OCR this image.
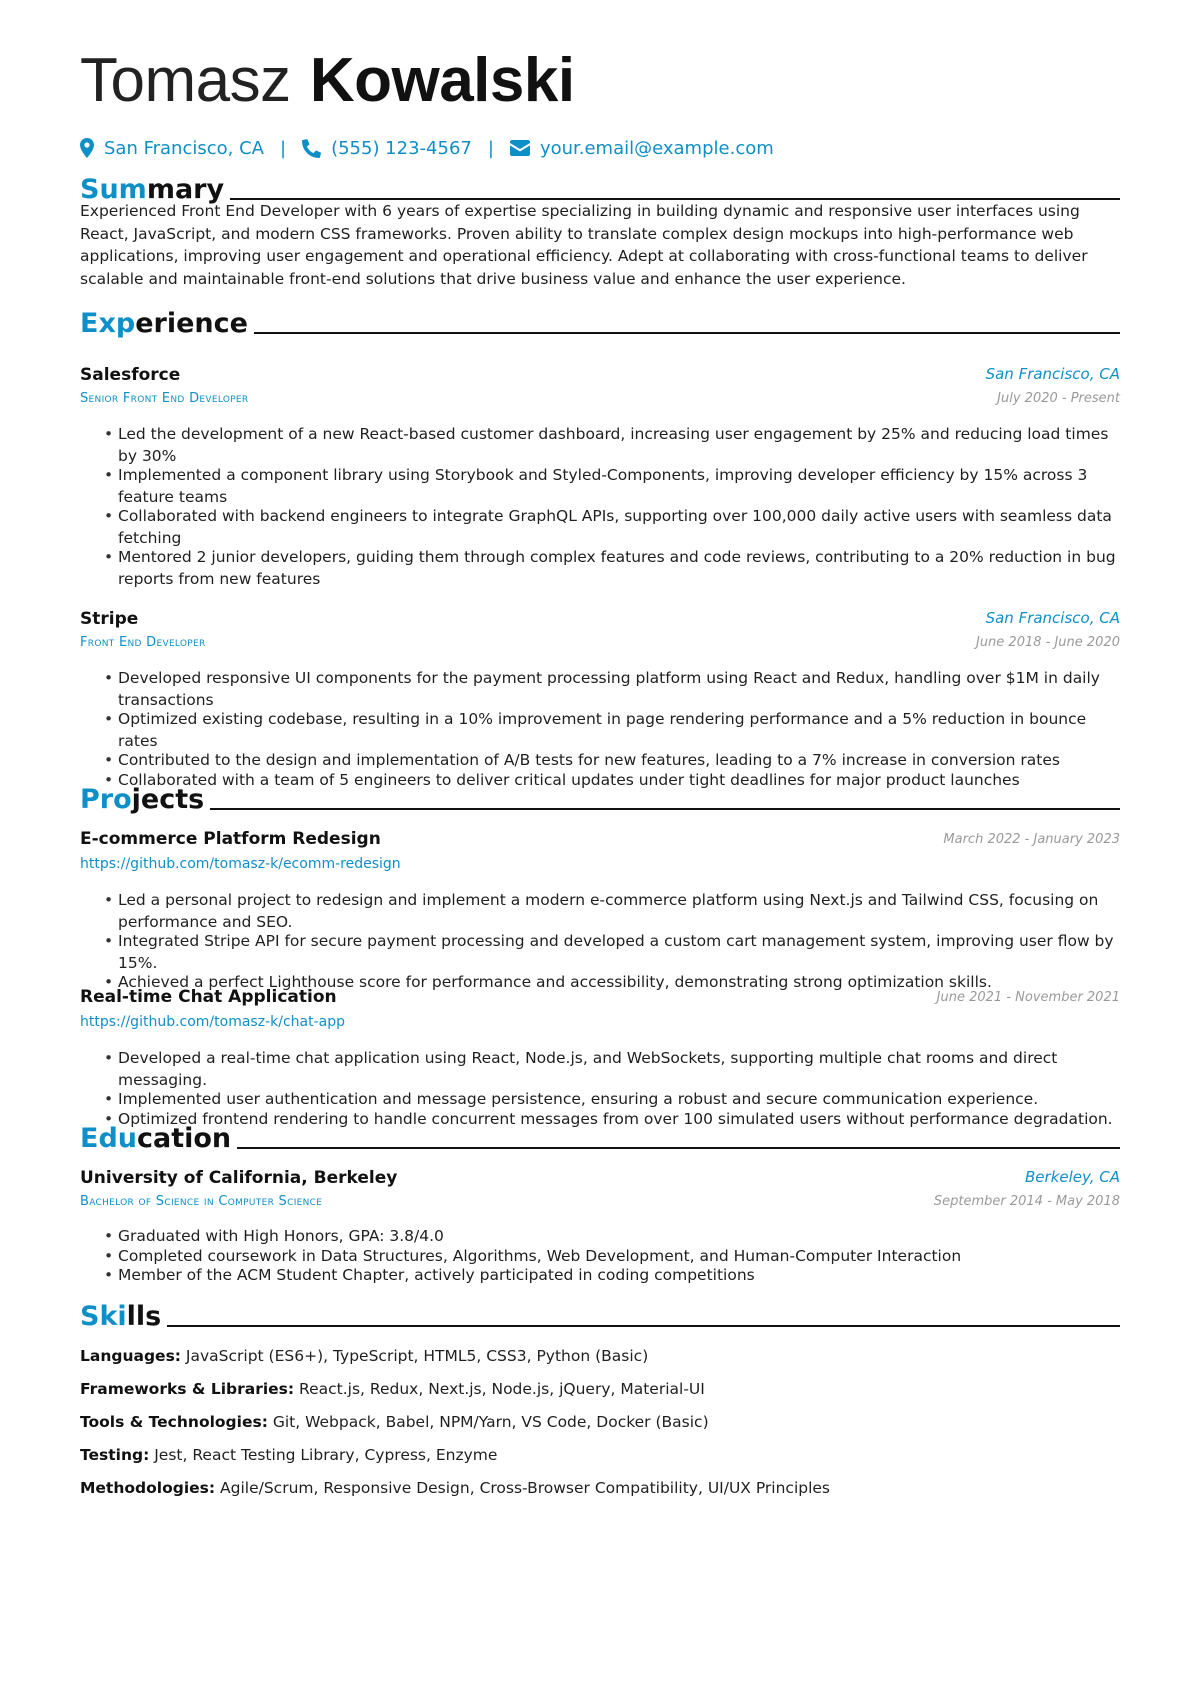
Tomasz Kowalski
San Francisco, CA |	(555) 123-4567 |	your.email@example.com
Summary
Experienced Front End Developer with 6 years of expertise specializing in building dynamic and responsive user interfaces using React, JavaScript, and modern CSS frameworks. Proven ability to translate complex design mockups into high-performance web applications, improving user engagement and operational efficiency. Adept at collaborating with cross-functional teams to deliver scalable and maintainable front-end solutions that drive business value and enhance the user experience.
Experience
Salesforce	San Francisco, CA
Senior Front End Developer	July 2020 - Present
• Led the development of a new React-based customer dashboard, increasing user engagement by 25% and reducing load times by 30%
• Implemented a component library using Storybook and Styled-Components, improving developer efficiency by 15% across 3 feature teams
• Collaborated with backend engineers to integrate GraphQL APIs, supporting over 100,000 daily active users with seamless data fetching
• Mentored 2 junior developers, guiding them through complex features and code reviews, contributing to a 20% reduction in bug reports from new features
Stripe	San Francisco, CA
Front End Developer	June 2018 - June 2020
• Developed responsive UI components for the payment processing platform using React and Redux, handling over $1M in daily transactions
• Optimized existing codebase, resulting in a 10% improvement in page rendering performance and a 5% reduction in bounce rates
• Contributed to the design and implementation of A/B tests for new features, leading to a 7% increase in conversion rates
• Collaborated with a team of 5 engineers to deliver critical updates under tight deadlines for major product launches
Projects
E-commerce Platform Redesign	March 2022 - January 2023
https://github.com/tomasz-k/ecomm-redesign
• Led a personal project to redesign and implement a modern e-commerce platform using Next.js and Tailwind CSS, focusing on performance and SEO.
• Integrated Stripe API for secure payment processing and developed a custom cart management system, improving user flow by 15%.
• Achieved a perfect Lighthouse score for performance and accessibility, demonstrating strong optimization skills.
Real-time Chat Application	June 2021 - November 2021
https://github.com/tomasz-k/chat-app
• Developed a real-time chat application using React, Node.js, and WebSockets, supporting multiple chat rooms and direct messaging.
• Implemented user authentication and message persistence, ensuring a robust and secure communication experience.
• Optimized frontend rendering to handle concurrent messages from over 100 simulated users without performance degradation.
Education
University of California, Berkeley	Berkeley, CA
Bachelor of Science in Computer Science	September 2014 - May 2018
• Graduated with High Honors, GPA: 3.8/4.0
• Completed coursework in Data Structures, Algorithms, Web Development, and Human-Computer Interaction
• Member of the ACM Student Chapter, actively participated in coding competitions
Skills
Languages: JavaScript (ES6+), TypeScript, HTML5, CSS3, Python (Basic)
Frameworks & Libraries: React.js, Redux, Next.js, Node.js, jQuery, Material-UI
Tools & Technologies: Git, Webpack, Babel, NPM/Yarn, VS Code, Docker (Basic)
Testing: Jest, React Testing Library, Cypress, Enzyme
Methodologies: Agile/Scrum, Responsive Design, Cross-Browser Compatibility, UI/UX Principles
